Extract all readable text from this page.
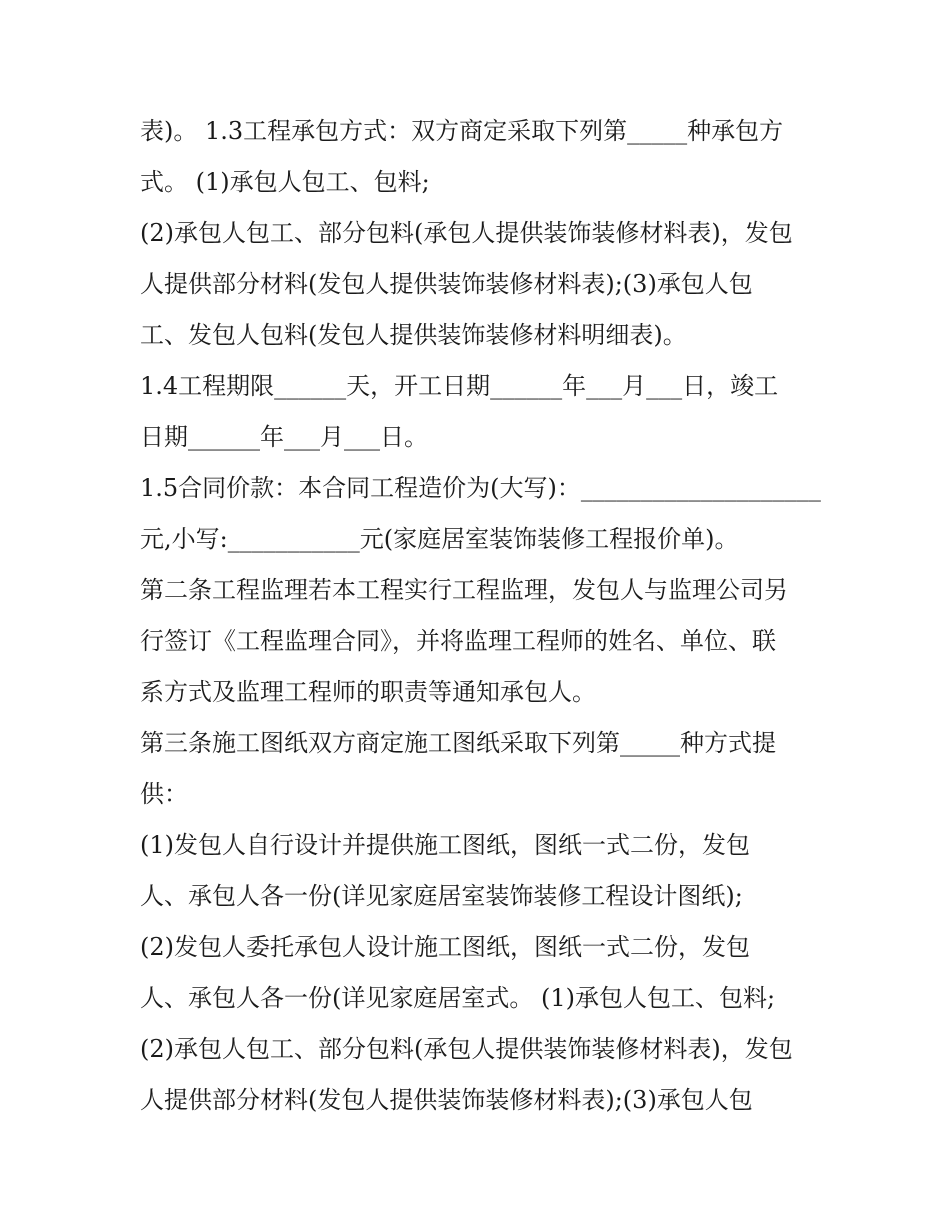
表)。 1.3工程承包方式：双方商定采取下列第_____种承包方
式。 (1)承包人包工、包料;
(2)承包人包工、部分包料(承包人提供装饰装修材料表)，发包
人提供部分材料(发包人提供装饰装修材料表);(3)承包人包
工、发包人包料(发包人提供装饰装修材料明细表)。
1.4工程期限______天，开工日期______年___月___日，竣工
日期______年___月___日。
1.5合同价款：本合同工程造价为(大写)：____________________
元,小写:___________元(家庭居室装饰装修工程报价单)。
第二条工程监理若本工程实行工程监理，发包人与监理公司另
行签订《工程监理合同》，并将监理工程师的姓名、单位、联
系方式及监理工程师的职责等通知承包人。
第三条施工图纸双方商定施工图纸采取下列第_____种方式提
供：
(1)发包人自行设计并提供施工图纸，图纸一式二份，发包
人、承包人各一份(详见家庭居室装饰装修工程设计图纸);
(2)发包人委托承包人设计施工图纸，图纸一式二份，发包
人、承包人各一份(详见家庭居室式。 (1)承包人包工、包料;
(2)承包人包工、部分包料(承包人提供装饰装修材料表)，发包
人提供部分材料(发包人提供装饰装修材料表);(3)承包人包
